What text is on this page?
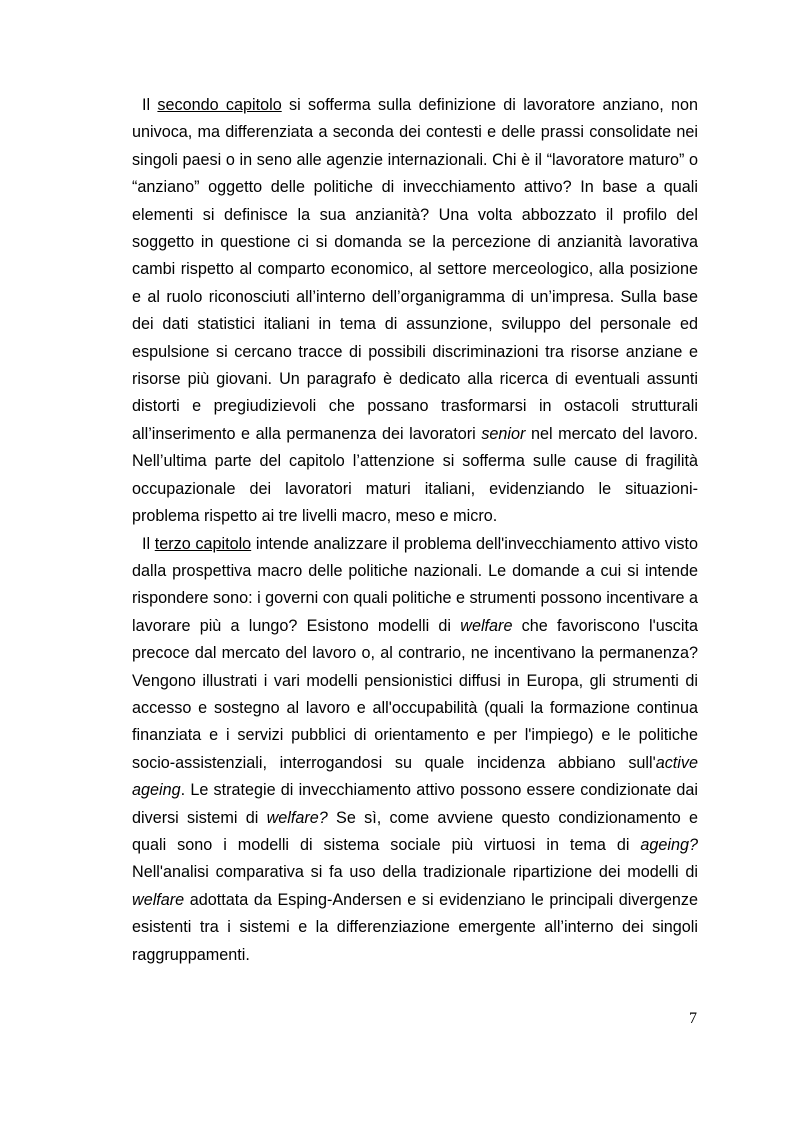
Il secondo capitolo si sofferma sulla definizione di lavoratore anziano, non univoca, ma differenziata a seconda dei contesti e delle prassi consolidate nei singoli paesi o in seno alle agenzie internazionali. Chi è il “lavoratore maturo” o “anziano” oggetto delle politiche di invecchiamento attivo? In base a quali elementi si definisce la sua anzianità? Una volta abbozzato il profilo del soggetto in questione ci si domanda se la percezione di anzianità lavorativa cambi rispetto al comparto economico, al settore merceologico, alla posizione e al ruolo riconosciuti all’interno dell’organigramma di un’impresa. Sulla base dei dati statistici italiani in tema di assunzione, sviluppo del personale ed espulsione si cercano tracce di possibili discriminazioni tra risorse anziane e risorse più giovani. Un paragrafo è dedicato alla ricerca di eventuali assunti distorti e pregiudizievoli che possano trasformarsi in ostacoli strutturali all’inserimento e alla permanenza dei lavoratori senior nel mercato del lavoro. Nell’ultima parte del capitolo l’attenzione si sofferma sulle cause di fragilità occupazionale dei lavoratori maturi italiani, evidenziando le situazioni-problema rispetto ai tre livelli macro, meso e micro.

Il terzo capitolo intende analizzare il problema dell'invecchiamento attivo visto dalla prospettiva macro delle politiche nazionali. Le domande a cui si intende rispondere sono: i governi con quali politiche e strumenti possono incentivare a lavorare più a lungo? Esistono modelli di welfare che favoriscono l'uscita precoce dal mercato del lavoro o, al contrario, ne incentivano la permanenza? Vengono illustrati i vari modelli pensionistici diffusi in Europa, gli strumenti di accesso e sostegno al lavoro e all'occupabilità (quali la formazione continua finanziata e i servizi pubblici di orientamento e per l'impiego) e le politiche socio-assistenziali, interrogandosi su quale incidenza abbiano sull'active ageing. Le strategie di invecchiamento attivo possono essere condizionate dai diversi sistemi di welfare? Se sì, come avviene questo condizionamento e quali sono i modelli di sistema sociale più virtuosi in tema di ageing? Nell'analisi comparativa si fa uso della tradizionale ripartizione dei modelli di welfare adottata da Esping-Andersen e si evidenziano le principali divergenze esistenti tra i sistemi e la differenziazione emergente all’interno dei singoli raggruppamenti.

7
